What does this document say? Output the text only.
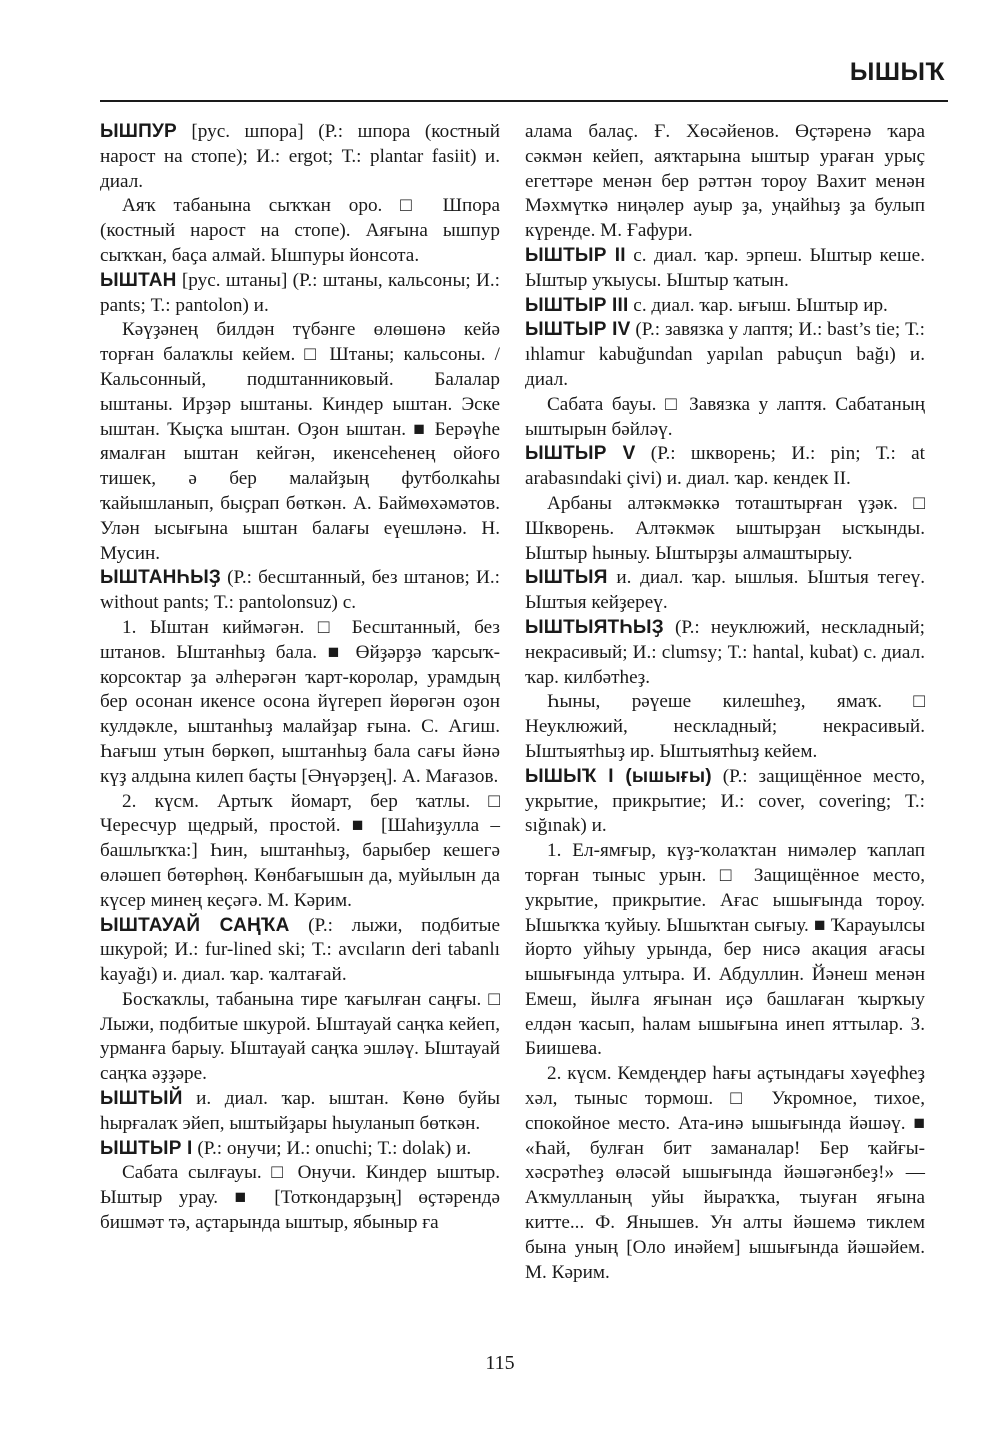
ЫШЫҠ

ЫШПУР [рус. шпора] (Р.: шпора (костный нарост на стопе); И.: ergot; Т.: plantar fasiit) и. диал.

Аяҡ табанына сыҡҡан оро. □ Шпора (костный нарост на стопе). Аяғына ышпур сыҡҡан, баҫа алмай. Ышпуры йонсота.

ЫШТАН [рус. штаны] (Р.: штаны, кальсоны; И.: pants; Т.: pantolon) и.

Кәүҙәнең билдән түбәнге өлөшөнә кейә торған балаҡлы кейем. □ Штаны; кальсоны. / Кальсонный, подштанниковый. Балалар ыштаны. Ирҙәр ыштаны. Киндер ыштан. Эске ыштан. Ҡыҫҡа ыштан. Оҙон ыштан. ■ Берәүһе ямалған ыштан кейгән, икенсеһенең ойоғо тишек, ә бер малайҙың футболкаһы ҡайышланып, быҫрап бөткән. А. Баймөхәмәтов. Улән ысығына ыштан балағы еүешләнә. Н. Мусин.

ЫШТАНҺЫҘ (Р.: бесштанный, без штанов; И.: without pants; Т.: pantolonsuz) с.

1. Ыштан киймәгән. □ Бесштанный, без штанов. Ыштанһыҙ бала. ■ Өйҙәрҙә ҡарсыҡ-корсоктар ҙа әлһерәгән ҡарт-королар, урамдың бер осонан икенсе осона йүгереп йөрөгән оҙон кулдәкле, ыштанһыҙ малайҙар ғына. С. Агиш. Һағыш утын бөркөп, ыштанһыҙ бала сағы йәнә күҙ алдына килеп баҫты [Әнүәрҙең]. А. Мағазов.

2. күсм. Артыҡ йомарт, бер ҡатлы. □ Чересчур щедрый, простой. ■ [Шаһиҙулла – башлыҡҡа:] Һин, ыштанһыҙ, барыбер кешегә өләшеп бөтөрһөң. Көнбағышын да, муйылын да күсер минең кеҫәгә. М. Кәрим.

ЫШТАУАЙ САҢҠА (Р.: лыжи, подбитые шкурой; И.: fur-lined ski; Т.: avcıların deri tabanlı kayağı) и. диал. ҡар. ҡалтағай.

Босҡаҡлы, табанына тире ҡағылған саңғы. □ Лыжи, подбитые шкурой. Ыштауай саңҡа кейеп, урманға барыу. Ыштауай саңҡа эшләү. Ыштауай саңҡа әҙҙәре.

ЫШТЫЙ и. диал. ҡар. ыштан. Көнө буйы һырғалаҡ эйеп, ыштыйҙары һыуланып бөткән.

ЫШТЫР I (Р.: онучи; И.: onuchi; Т.: dolak) и.

Сабата сылғауы. □ Онучи. Киндер ыштыр. Ыштыр урау. ■ [Тоткондарҙың] өҫтәрендә бишмәт тә, аҫтарында ыштыр, ябыныр ға

алама балаҫ. Ғ. Хөсәйенов. Өҫтәренә ҡара сәкмән кейеп, аяҡтарына ыштыр ураған урыҫ егеттәре менән бер рәттән тороу Вахит менән Мәхмүткә ниңәлер ауыр ҙа, уңайһыҙ ҙа булып күренде. М. Ғафури.

ЫШТЫР II с. диал. ҡар. эрпеш. Ыштыр кеше. Ыштыр уҡыусы. Ыштыр ҡатын.

ЫШТЫР III с. диал. ҡар. ығыш. Ыштыр ир.

ЫШТЫР IV (Р.: завязка у лаптя; И.: bast’s tie; Т.: ıhlamur kabuğundan yapılan pabuçun bağı) и. диал.

Сабата бауы. □ Завязка у лаптя. Сабатаның ыштырын бәйләү.

ЫШТЫР V (Р.: шкворень; И.: pin; Т.: at arabasındaki çivi) и. диал. ҡар. кендек II.

Арбаны алтәкмәккә тоташтырған үҙәк. □ Шкворень. Алтәкмәк ыштырҙан ысҡынды. Ыштыр һыныу. Ыштырҙы алмаштырыу.

ЫШТЫЯ и. диал. ҡар. ышлыя. Ыштыя тегеү. Ыштыя кейҙерeү.

ЫШТЫЯТҺЫҘ (Р.: неуклюжий, нескладный; некрасивый; И.: clumsy; Т.: hantal, kubat) с. диал. ҡар. килбәтһеҙ.

Һыны, рәүеше килешһеҙ, ямаҡ. □ Неуклюжий, нескладный; некрасивый. Ыштыятһыҙ ир. Ыштыятһыҙ кейем.

ЫШЫҠ I (ышығы) (Р.: защищённое место, укрытие, прикрытие; И.: cover, covering; Т.: sığınak) и.

1. Ел-ямғыр, күҙ-ҡолаҡтан нимәлер ҡаплап торған тыныс урын. □ Защищённое место, укрытие, прикрытие. Ағас ышығында тороу. Ышыҡҡа ҡуйыу. Ышыҡтан сығыу. ■ Ҡарауылсы йорто уйһыу урында, бер нисә акация ағасы ышығында ултыра. И. Абдуллин. Йәнеш менән Емеш, йылға яғынан иҫә башлаған ҡырҡыу елдән ҡасып, һалам ышығына инеп яттылар. З. Биишева.

2. күсм. Кемдеңдер һағы аҫтындағы хәүефһеҙ хәл, тыныс тормош. □ Укромное, тихое, спокойное место. Ата-инә ышығында йәшәү. ■ «Һай, булған бит заманалар! Бер ҡайғы-хәсрәтһеҙ өләсәй ышығында йәшәгәнбеҙ!» — Аҡмулланың уйы йыраҡҡа, тыуған яғына китте... Ф. Янышев. Ун алты йәшемә тиклем бына уның [Оло инәйем] ышығында йәшәйем. М. Кәрим.

115
